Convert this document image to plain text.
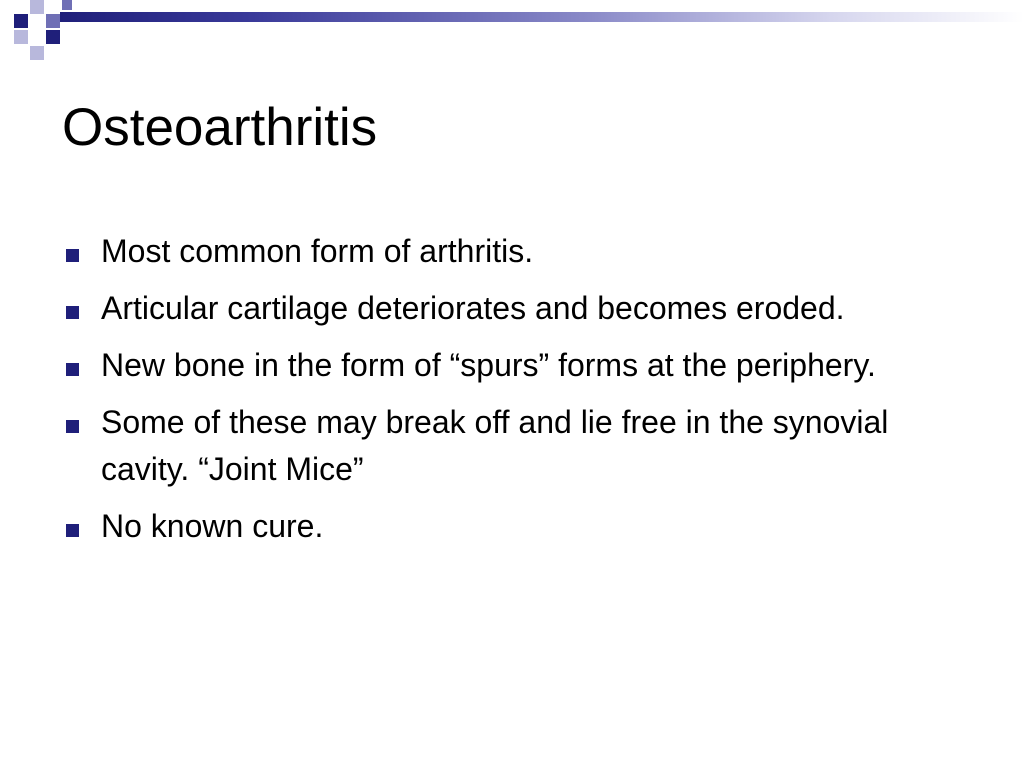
Osteoarthritis
Most common form of arthritis.
Articular cartilage deteriorates and becomes eroded.
New bone in the form of “spurs” forms at the periphery.
Some of these may break off and lie free in the synovial cavity. “Joint Mice”
No known cure.
